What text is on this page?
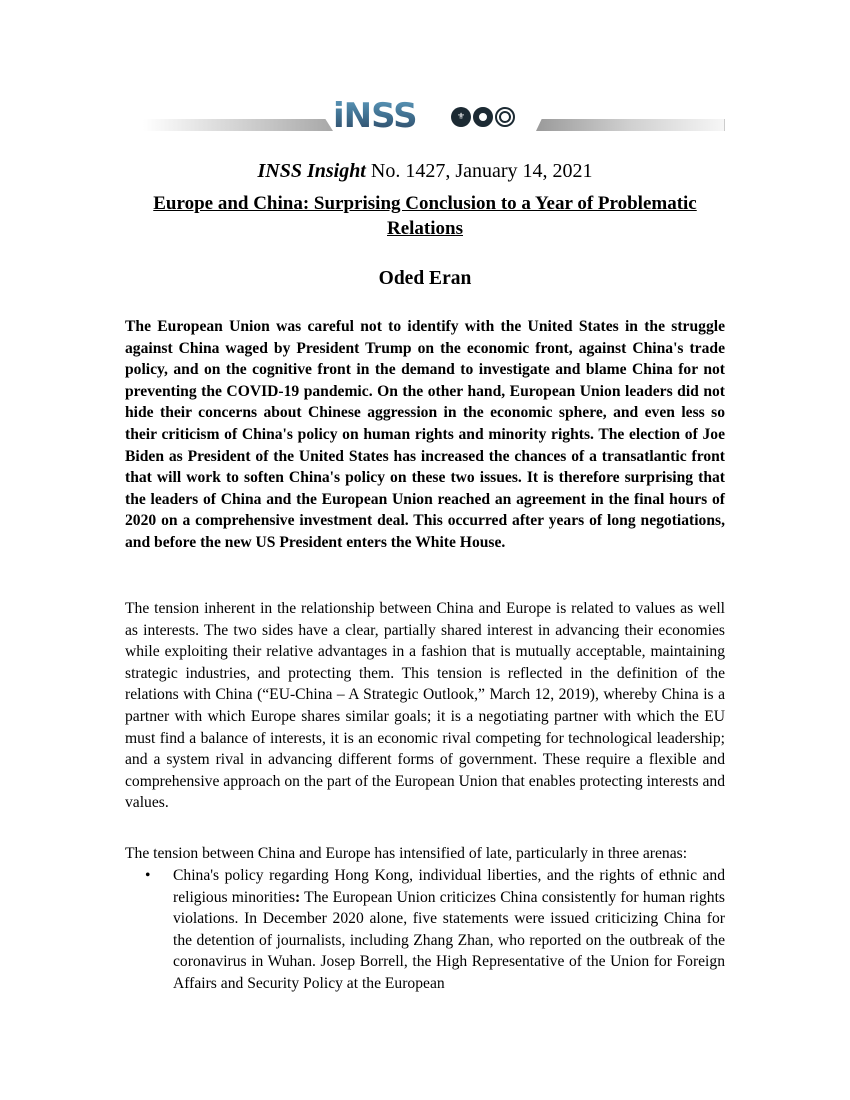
iNSS	⚜
INSS Insight No. 1427, January 14, 2021
Europe and China: Surprising Conclusion to a Year of Problematic Relations
Oded Eran

The European Union was careful not to identify with the United States in the struggle against China waged by President Trump on the economic front, against China's trade policy, and on the cognitive front in the demand to investigate and blame China for not preventing the COVID-19 pandemic. On the other hand, European Union leaders did not hide their concerns about Chinese aggression in the economic sphere, and even less so their criticism of China's policy on human rights and minority rights. The election of Joe Biden as President of the United States has increased the chances of a transatlantic front that will work to soften China's policy on these two issues. It is therefore surprising that the leaders of China and the European Union reached an agreement in the final hours of 2020 on a comprehensive investment deal. This occurred after years of long negotiations, and before the new US President enters the White House.

The tension inherent in the relationship between China and Europe is related to values as well as interests. The two sides have a clear, partially shared interest in advancing their economies while exploiting their relative advantages in a fashion that is mutually acceptable, maintaining strategic industries, and protecting them. This tension is reflected in the definition of the relations with China (“EU-China – A Strategic Outlook,” March 12, 2019), whereby China is a partner with which Europe shares similar goals; it is a negotiating partner with which the EU must find a balance of interests, it is an economic rival competing for technological leadership; and a system rival in advancing different forms of government. These require a flexible and comprehensive approach on the part of the European Union that enables protecting interests and values.

The tension between China and Europe has intensified of late, particularly in three arenas:

• China's policy regarding Hong Kong, individual liberties, and the rights of ethnic and religious minorities: The European Union criticizes China consistently for human rights violations. In December 2020 alone, five statements were issued criticizing China for the detention of journalists, including Zhang Zhan, who reported on the outbreak of the coronavirus in Wuhan. Josep Borrell, the High Representative of the Union for Foreign Affairs and Security Policy at the European
